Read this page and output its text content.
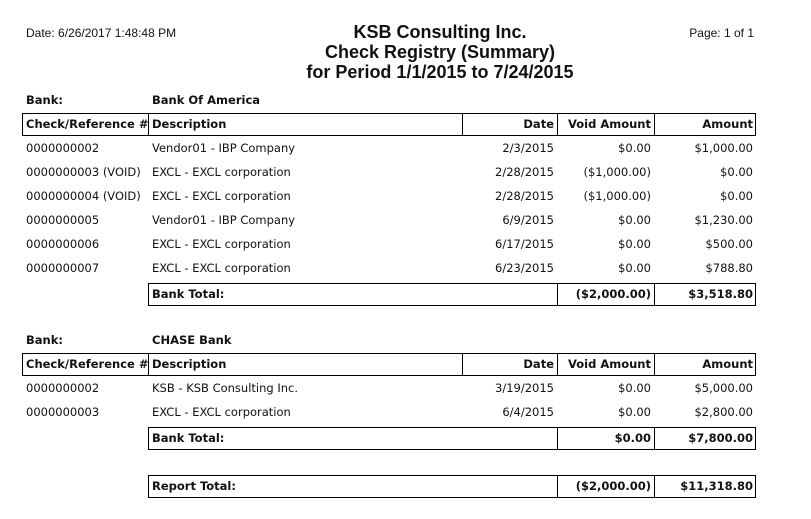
Date: 6/26/2017 1:48:48 PM	KSB Consulting Inc.
Check Registry (Summary)
for Period 1/1/2015 to 7/24/2015
Page: 1 of 1
Bank:	Bank Of America
Check/Reference # Description	Date	Void Amount	Amount
0000000002	Vendor01 - IBP Company	2/3/2015	$0.00	$1,000.00
0000000003 (VOID) EXCL - EXCL corporation	2/28/2015	($1,000.00)	$0.00
0000000004 (VOID) EXCL - EXCL corporation	2/28/2015	($1,000.00)	$0.00
0000000005	Vendor01 - IBP Company	6/9/2015	$0.00	$1,230.00
0000000006	EXCL - EXCL corporation	6/17/2015	$0.00	$500.00
0000000007	EXCL - EXCL corporation	6/23/2015	$0.00	$788.80
Bank Total:	($2,000.00)	$3,518.80
Bank:	CHASE Bank
Check/Reference # Description	Date	Void Amount	Amount
0000000002	KSB - KSB Consulting Inc.	3/19/2015	$0.00	$5,000.00
0000000003	EXCL - EXCL corporation	6/4/2015	$0.00	$2,800.00
Bank Total:	$0.00	$7,800.00
Report Total:	($2,000.00)	$11,318.80
